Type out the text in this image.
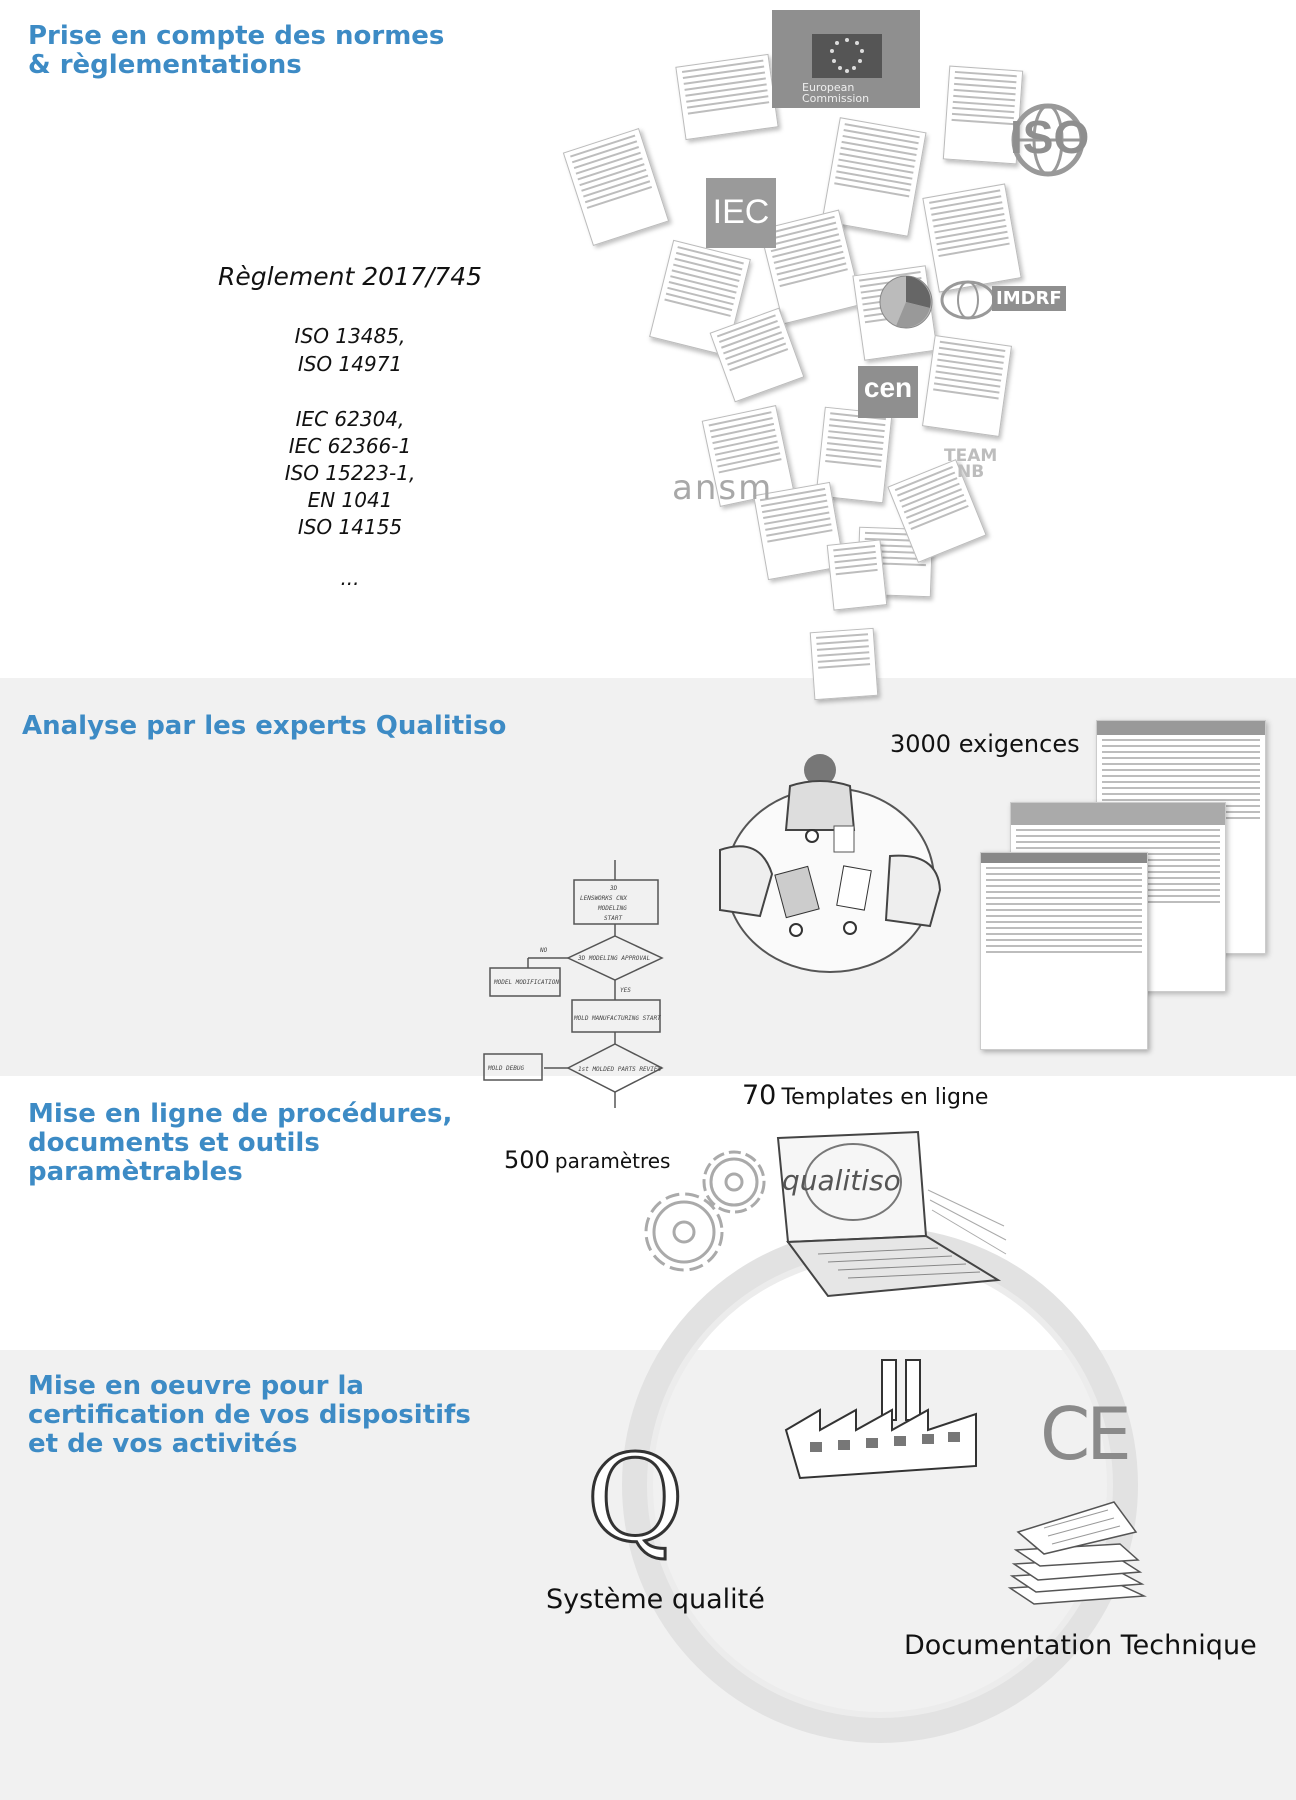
Prise en compte des normes
& règlementations
Règlement 2017/745
ISO 13485,
ISO 14971
IEC 62304,
IEC 62366-1
ISO 15223-1,
EN 1041
ISO 14155
...
European
Commission
IEC
ISO
IMDRF
cen
TEAM
NB
ansm
Analyse par les experts Qualitiso
3000 exigences
3D
LENSWORKS CNX
MODELING
START
3D MODELING APPROVAL
MODEL MODIFICATION
MOLD MANUFACTURING START
1st MOLDED PARTS REVIEW
MOLD DEBUG
NO
YES
Mise en ligne de procédures,
documents et outils
paramètrables
70 Templates en ligne
500 paramètres
qualitiso
Mise en oeuvre pour la
certification de vos dispositifs
et de vos activités	CE
Q
Système qualité
Documentation Technique
